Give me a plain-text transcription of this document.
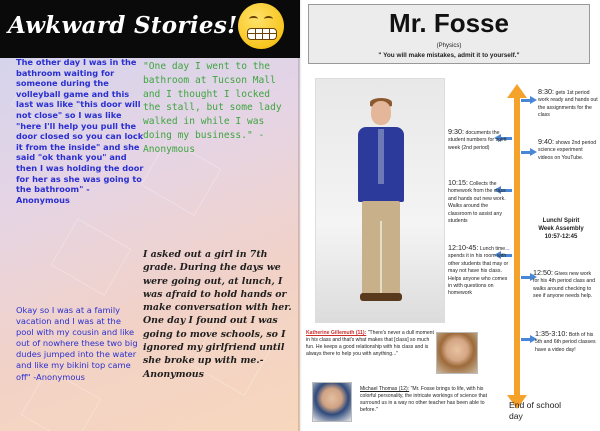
Awkward Stories!

The other day I was in the bathroom waiting for someone during the volleyball game and this last was like "this door will not close" so I was like "here I'll help you pull the door closed so you can lock it from the inside" and she said "ok thank you" and then I was holding the door for her as she was going to the bathroom" - Anonymous

"One day I went to the bathroom at Tucson Mall and I thought I locked the stall, but some lady walked in while I was doing my business." -Anonymous

I asked out a girl in 7th grade. During the days we were going out, at lunch, I was afraid to hold hands or make conversation with her. One day I found out I was going to move schools, so I ignored my girlfriend until she broke up with me.- Anonymous

Okay so I was at a family vacation and I was at the pool with my cousin and like out of nowhere these two big dudes jumped into the water and like my bikini top came off" -Anonymous

Mr. Fosse
(Physics)
" You will make mistakes, admit it to yourself."

8:30: gets 1st period work ready and hands out the assignments for the class

9:30: documents the student numbers for spirit week (2nd period)

9:40: shows 2nd period science experiment videos on YouTube.

10:15: Collects the homework from the class and hands out new work. Walks around the classroom to assist any students	Lunch/ Spirit
Week Assembly
10:57-12:45

12:10-45: Lunch time... spends it in his room with other students that may or may not have his class. Helps anyone who comes in with questions on homework

12:50: Gives new work for his 4th period class and walks around checking to see if anyone needs help.

1:35-3:10: Both of his 5th and 6th period classes have a video day!

End of school day

Katherine Gillemuth (11): "There's never a dull moment in his class and that's what makes that [class] so much fun. He keeps a good relationship with his class and is always there to help you with anything..."

Michael Thomas (12): "Mr. Fosse brings to life, with his colorful personality, the intricate workings of science that surround us in a way no other teacher has been able to before."
